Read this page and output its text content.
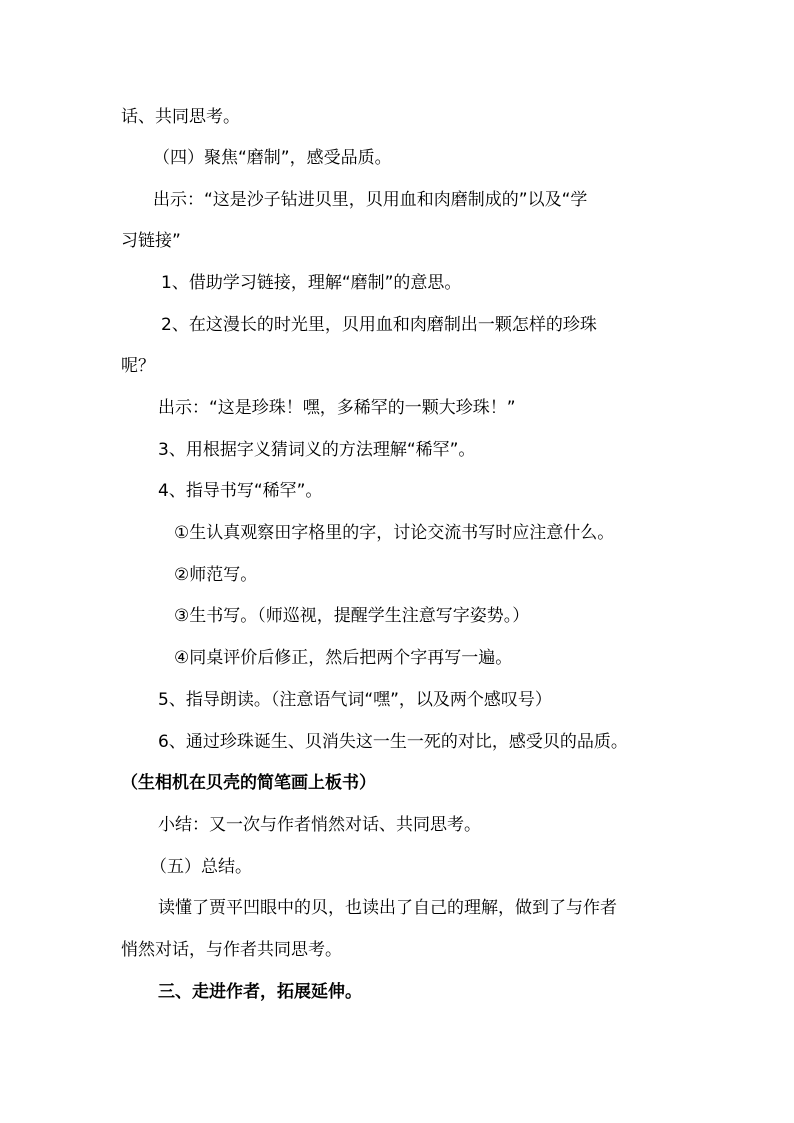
话、共同思考。
（四）聚焦“磨制”，感受品质。
出示：“这是沙子钻进贝里，贝用血和肉磨制成的”以及“学
习链接”
1、借助学习链接，理解“磨制”的意思。
2、在这漫长的时光里，贝用血和肉磨制出一颗怎样的珍珠
呢？
出示：“这是珍珠！嘿，多稀罕的一颗大珍珠！”
3、用根据字义猜词义的方法理解“稀罕”。
4、指导书写“稀罕”。
①生认真观察田字格里的字，讨论交流书写时应注意什么。
②师范写。
③生书写。（师巡视，提醒学生注意写字姿势。）
④同桌评价后修正，然后把两个字再写一遍。
5、指导朗读。（注意语气词“嘿”，以及两个感叹号）
6、通过珍珠诞生、贝消失这一生一死的对比，感受贝的品质。
（生相机在贝壳的简笔画上板书）
小结：又一次与作者悄然对话、共同思考。
（五）总结。
读懂了贾平凹眼中的贝，也读出了自己的理解，做到了与作者
悄然对话，与作者共同思考。
三、走进作者，拓展延伸。
